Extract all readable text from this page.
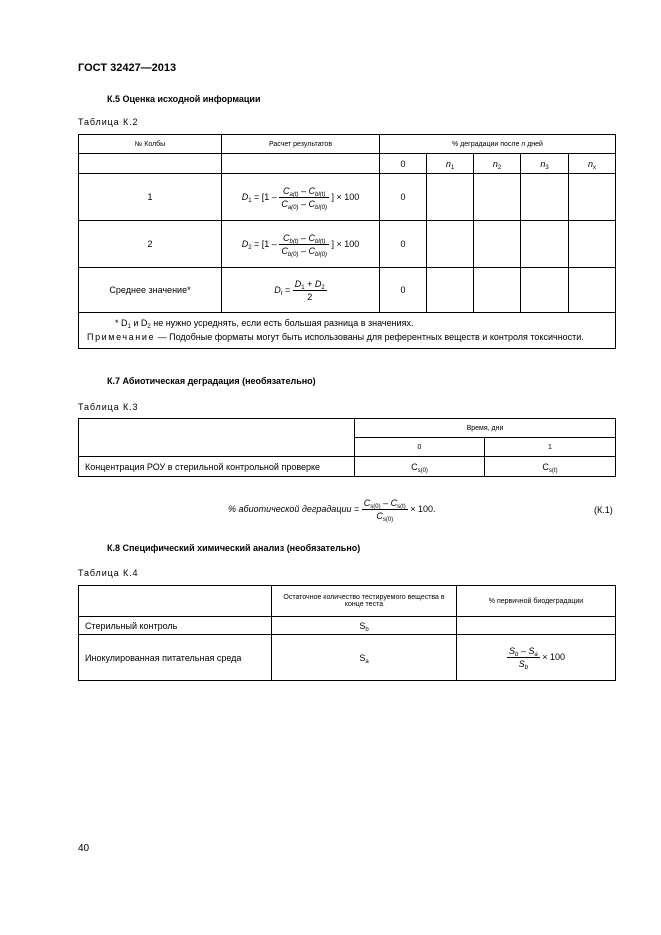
ГОСТ 32427—2013
К.5 Оценка исходной информации
Таблица К.2
№ Колбы	Расчет результатов	% деградации после n дней				
		0	$n_1$	$n_2$	$n_3$	$n_x$
1	$D_1 = [1 - \frac{C_{a(t)} - C_{bl(t)}}{C_{a(0)} - C_{bl(0)}}$ ] × 100	0				
2	$D_2 = [1 - \frac{C_{b(t)} - C_{bl(t)}}{C_{b(0)} - C_{bl(0)}}$ ] × 100	0				
Среднее значение*	$D_t = \frac{D_1 + D_2}{2}$	0				

* $D_1$ и $D_2$ не нужно усреднять, если есть большая разница в значениях.
Примечание — Подобные форматы могут быть использованы для референтных веществ и контроля токсичности.						
К.7 Абиотическая деградация (необязательно)
Таблица К.3
	Время, дни	
	0	1
Концентрация РОУ в стерильной контрольной проверке	$C_{s(0)}$	$C_{s(t)}$
% абиотической деградации = $\frac{C_{s(0)} - C_{s(t)}}{C_{s(0)}} \times 100$.	(К.1)
К.8 Специфический химический анализ (необязательно)
Таблица К.4
	Остаточное количество тестируемого вещества в конце теста	% первичной биодеградации
Стерильный контроль	$S_b$	
Инокулированная питательная среда	$S_a$	$\frac{S_b - S_a}{S_b} \times 100$
40
